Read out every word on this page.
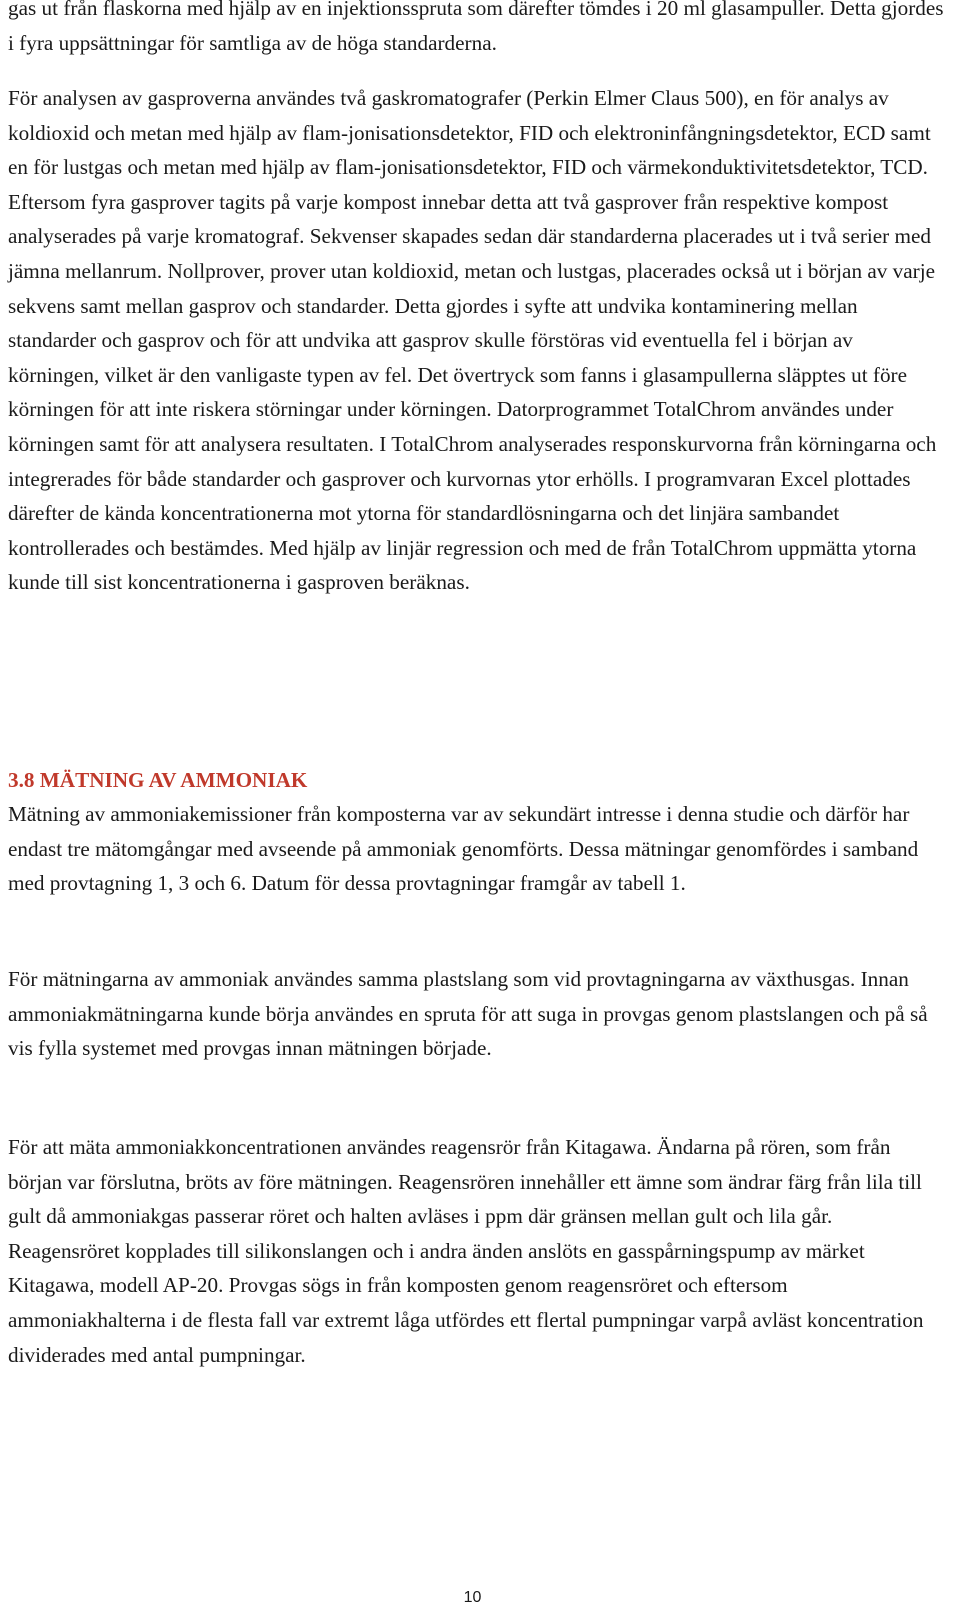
gas ut från flaskorna med hjälp av en injektionsspruta som därefter tömdes i 20 ml glasampuller. Detta gjordes i fyra uppsättningar för samtliga av de höga standarderna.

För analysen av gasproverna användes två gaskromatografer (Perkin Elmer Claus 500), en för analys av koldioxid och metan med hjälp av flam-jonisationsdetektor, FID och elektroninfångningsdetektor, ECD samt en för lustgas och metan med hjälp av flam-jonisationsdetektor, FID och värmekonduktivitetsdetektor, TCD. Eftersom fyra gasprover tagits på varje kompost innebar detta att två gasprover från respektive kompost analyserades på varje kromatograf. Sekvenser skapades sedan där standarderna placerades ut i två serier med jämna mellanrum. Nollprover, prover utan koldioxid, metan och lustgas, placerades också ut i början av varje sekvens samt mellan gasprov och standarder. Detta gjordes i syfte att undvika kontaminering mellan standarder och gasprov och för att undvika att gasprov skulle förstöras vid eventuella fel i början av körningen, vilket är den vanligaste typen av fel. Det övertryck som fanns i glasampullerna släpptes ut före körningen för att inte riskera störningar under körningen. Datorprogrammet TotalChrom användes under körningen samt för att analysera resultaten. I TotalChrom analyserades responskurvorna från körningarna och integrerades för både standarder och gasprover och kurvornas ytor erhölls. I programvaran Excel plottades därefter de kända koncentrationerna mot ytorna för standardlösningarna och det linjära sambandet kontrollerades och bestämdes. Med hjälp av linjär regression och med de från TotalChrom uppmätta ytorna kunde till sist koncentrationerna i gasproven beräknas.

3.8 MÄTNING AV AMMONIAK

Mätning av ammoniakemissioner från komposterna var av sekundärt intresse i denna studie och därför har endast tre mätomgångar med avseende på ammoniak genomförts. Dessa mätningar genomfördes i samband med provtagning 1, 3 och 6. Datum för dessa provtagningar framgår av tabell 1.

För mätningarna av ammoniak användes samma plastslang som vid provtagningarna av växthusgas. Innan ammoniakmätningarna kunde börja användes en spruta för att suga in provgas genom plastslangen och på så vis fylla systemet med provgas innan mätningen började.

För att mäta ammoniakkoncentrationen användes reagensrör från Kitagawa. Ändarna på rören, som från början var förslutna, bröts av före mätningen. Reagensrören innehåller ett ämne som ändrar färg från lila till gult då ammoniakgas passerar röret och halten avläses i ppm där gränsen mellan gult och lila går. Reagensröret kopplades till silikonslangen och i andra änden anslöts en gasspårningspump av märket Kitagawa, modell AP-20. Provgas sögs in från komposten genom reagensröret och eftersom ammoniakhalterna i de flesta fall var extremt låga utfördes ett flertal pumpningar varpå avläst koncentration dividerades med antal pumpningar.

10
